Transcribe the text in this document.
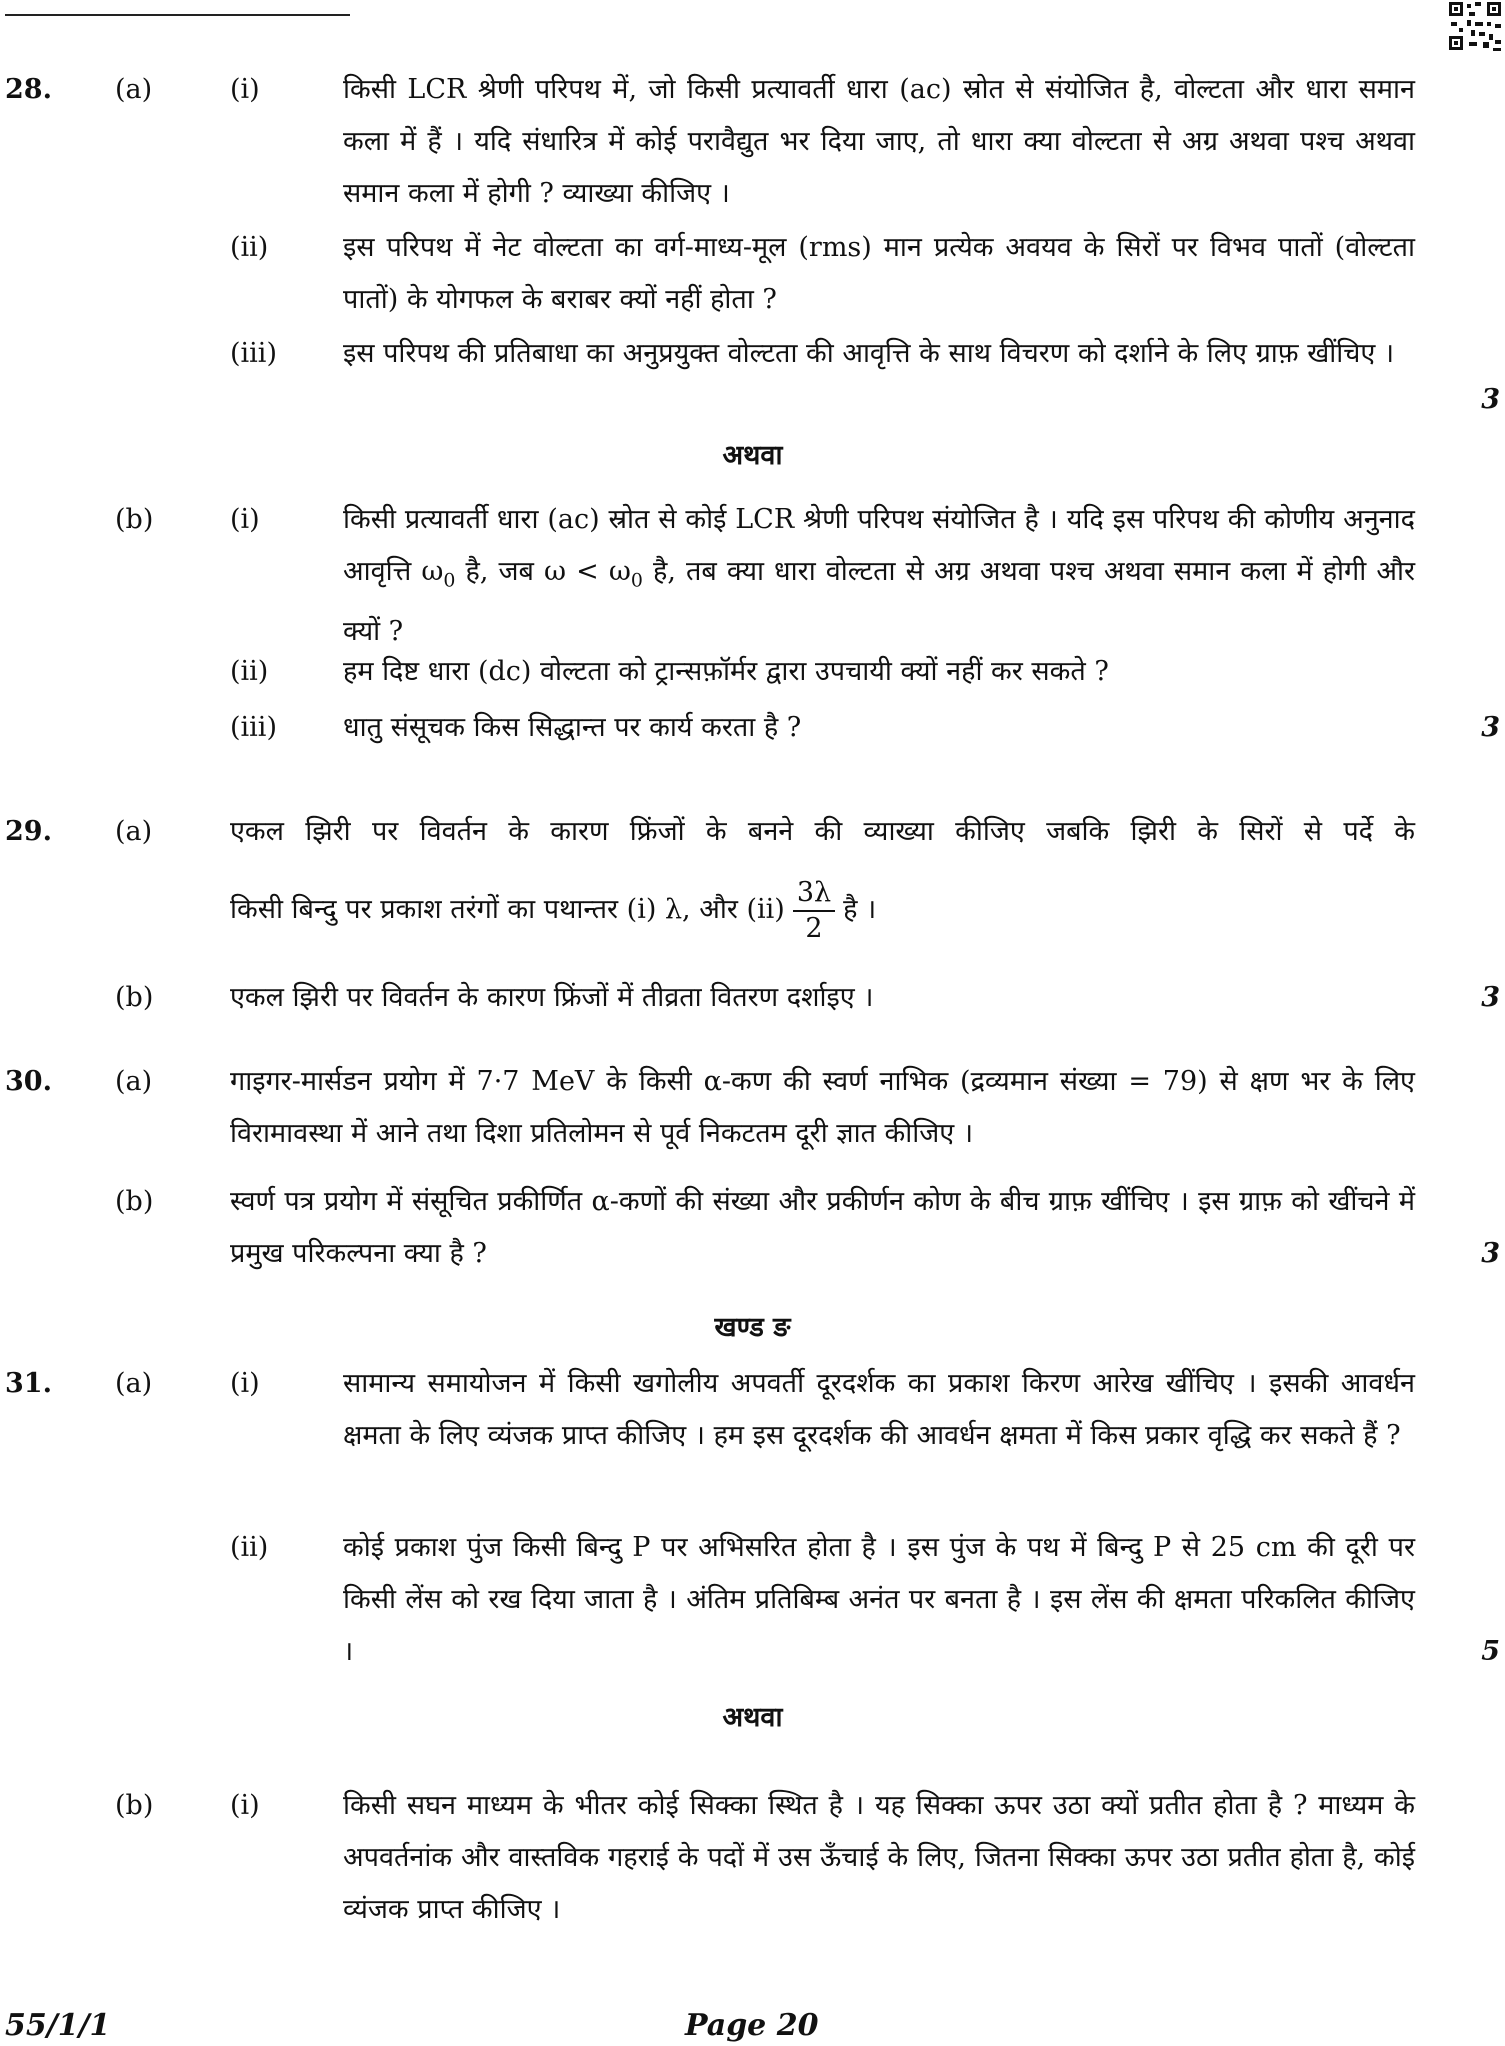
28. (a)	(i)	किसी LCR श्रेणी परिपथ में, जो किसी प्रत्यावर्ती धारा (ac) स्रोत से संयोजित है, वोल्टता और धारा समान कला में हैं । यदि संधारित्र में कोई परावैद्युत भर दिया जाए, तो धारा क्या वोल्टता से अग्र अथवा पश्च अथवा समान कला में होगी ? व्याख्या कीजिए ।
(ii)	इस परिपथ में नेट वोल्टता का वर्ग-माध्य-मूल (rms) मान प्रत्येक अवयव के सिरों पर विभव पातों (वोल्टता पातों) के योगफल के बराबर क्यों नहीं होता ?
(iii) इस परिपथ की प्रतिबाधा का अनुप्रयुक्त वोल्टता की आवृत्ति के साथ विचरण को दर्शाने के लिए ग्राफ़ खींचिए ।
3
अथवा
(b)	(i)	किसी प्रत्यावर्ती धारा (ac) स्रोत से कोई LCR श्रेणी परिपथ संयोजित है । यदि इस परिपथ की कोणीय अनुनाद आवृत्ति $\omega_0$ है, जब $\omega < \omega_0$ है, तब क्या धारा वोल्टता से अग्र अथवा पश्च अथवा समान कला में होगी और क्यों ?
(ii)	हम दिष्ट धारा (dc) वोल्टता को ट्रान्सफ़ॉर्मर द्वारा उपचायी क्यों नहीं कर सकते ?
(iii) धातु संसूचक किस सिद्धान्त पर कार्य करता है ?	3
29. (a)	एकल झिरी पर विवर्तन के कारण फ्रिंजों के बनने की व्याख्या कीजिए जबकि झिरी के सिरों से पर्दे के
किसी बिन्दु पर प्रकाश तरंगों का पथान्तर (i) λ, और $(ii) \frac{3\lambda}{2}$ है ।
(b)	एकल झिरी पर विवर्तन के कारण फ्रिंजों में तीव्रता वितरण दर्शाइए ।	3
30. (a)	गाइगर-मार्सडन प्रयोग में 7·7 MeV के किसी α-कण की स्वर्ण नाभिक (द्रव्यमान संख्या = 79) से क्षण भर के लिए विरामावस्था में आने तथा दिशा प्रतिलोमन से पूर्व निकटतम दूरी ज्ञात कीजिए ।
(b)	स्वर्ण पत्र प्रयोग में संसूचित प्रकीर्णित α-कणों की संख्या और प्रकीर्णन कोण के बीच ग्राफ़ खींचिए । इस ग्राफ़ को खींचने में प्रमुख परिकल्पना क्या है ?	3
खण्ड ङ
31. (a)	(i)	सामान्य समायोजन में किसी खगोलीय अपवर्ती दूरदर्शक का प्रकाश किरण आरेख खींचिए । इसकी आवर्धन क्षमता के लिए व्यंजक प्राप्त कीजिए । हम इस दूरदर्शक की आवर्धन क्षमता में किस प्रकार वृद्धि कर सकते हैं ?
(ii)	कोई प्रकाश पुंज किसी बिन्दु P पर अभिसरित होता है । इस पुंज के पथ में बिन्दु P से 25 cm की दूरी पर किसी लेंस को रख दिया जाता है । अंतिम प्रतिबिम्ब अनंत पर बनता है । इस लेंस की क्षमता परिकलित कीजिए ।	5
अथवा
(b)	(i)	किसी सघन माध्यम के भीतर कोई सिक्का स्थित है । यह सिक्का ऊपर उठा क्यों प्रतीत होता है ? माध्यम के अपवर्तनांक और वास्तविक गहराई के पदों में उस ऊँचाई के लिए, जितना सिक्का ऊपर उठा प्रतीत होता है, कोई व्यंजक प्राप्त कीजिए ।
55/1/1	Page 20
